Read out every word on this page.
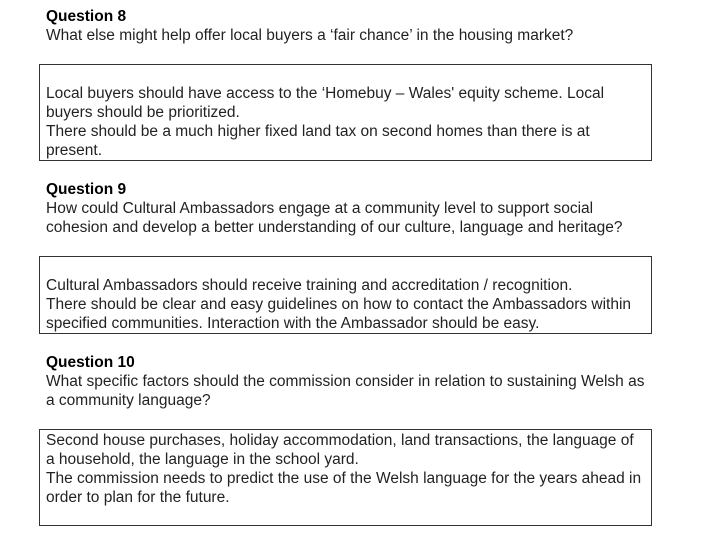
Question 8

What else might help offer local buyers a ‘fair chance’ in the housing market?

Local buyers should have access to the ‘Homebuy – Wales' equity scheme. Local buyers should be prioritized.

There should be a much higher fixed land tax on second homes than there is at present.

Question 9

How could Cultural Ambassadors engage at a community level to support social cohesion and develop a better understanding of our culture, language and heritage?

Cultural Ambassadors should receive training and accreditation / recognition.

There should be clear and easy guidelines on how to contact the Ambassadors within specified communities. Interaction with the Ambassador should be easy.

Question 10

What specific factors should the commission consider in relation to sustaining Welsh as a community language?

Second house purchases, holiday accommodation, land transactions, the language of a household, the language in the school yard.

The commission needs to predict the use of the Welsh language for the years ahead in order to plan for the future.
